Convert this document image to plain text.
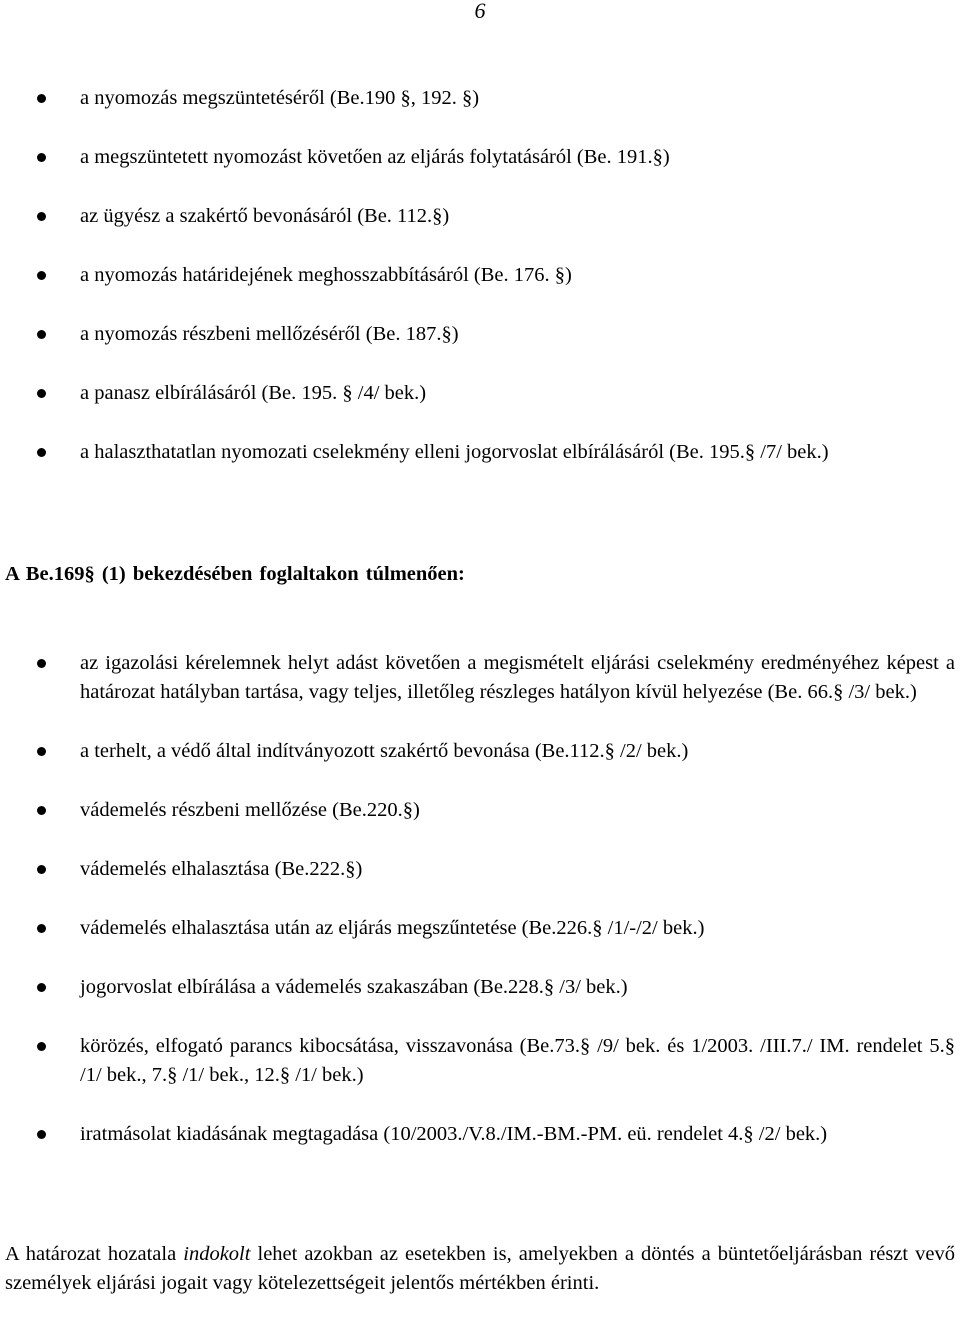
6
a nyomozás megszüntetéséről (Be.190 §, 192. §)
a megszüntetett nyomozást követően az eljárás folytatásáról (Be. 191.§)
az ügyész a szakértő bevonásáról (Be. 112.§)
a nyomozás határidejének meghosszabbításáról (Be. 176. §)
a nyomozás részbeni mellőzéséről (Be. 187.§)
a panasz elbírálásáról (Be. 195. § /4/ bek.)
a halaszthatatlan nyomozati cselekmény elleni jogorvoslat elbírálásáról (Be. 195.§ /7/ bek.)

A Be.169§ (1) bekezdésében foglaltakon túlmenően:

az igazolási kérelemnek helyt adást követően a megismételt eljárási cselekmény eredményéhez képest a határozat hatályban tartása, vagy teljes, illetőleg részleges hatályon kívül helyezése (Be. 66.§ /3/ bek.)
a terhelt, a védő által indítványozott szakértő bevonása (Be.112.§ /2/ bek.)
vádemelés részbeni mellőzése (Be.220.§)
vádemelés elhalasztása (Be.222.§)
vádemelés elhalasztása után az eljárás megszűntetése (Be.226.§ /1/-/2/ bek.)
jogorvoslat elbírálása a vádemelés szakaszában (Be.228.§ /3/ bek.)
körözés, elfogató parancs kibocsátása, visszavonása (Be.73.§ /9/ bek. és 1/2003. /III.7./ IM. rendelet 5.§ /1/ bek., 7.§ /1/ bek., 12.§ /1/ bek.)
iratmásolat kiadásának megtagadása (10/2003./V.8./IM.-BM.-PM. eü. rendelet 4.§ /2/ bek.)

A határozat hozatala indokolt lehet azokban az esetekben is, amelyekben a döntés a büntetőeljárásban részt vevő személyek eljárási jogait vagy kötelezettségeit jelentős mértékben érinti.
